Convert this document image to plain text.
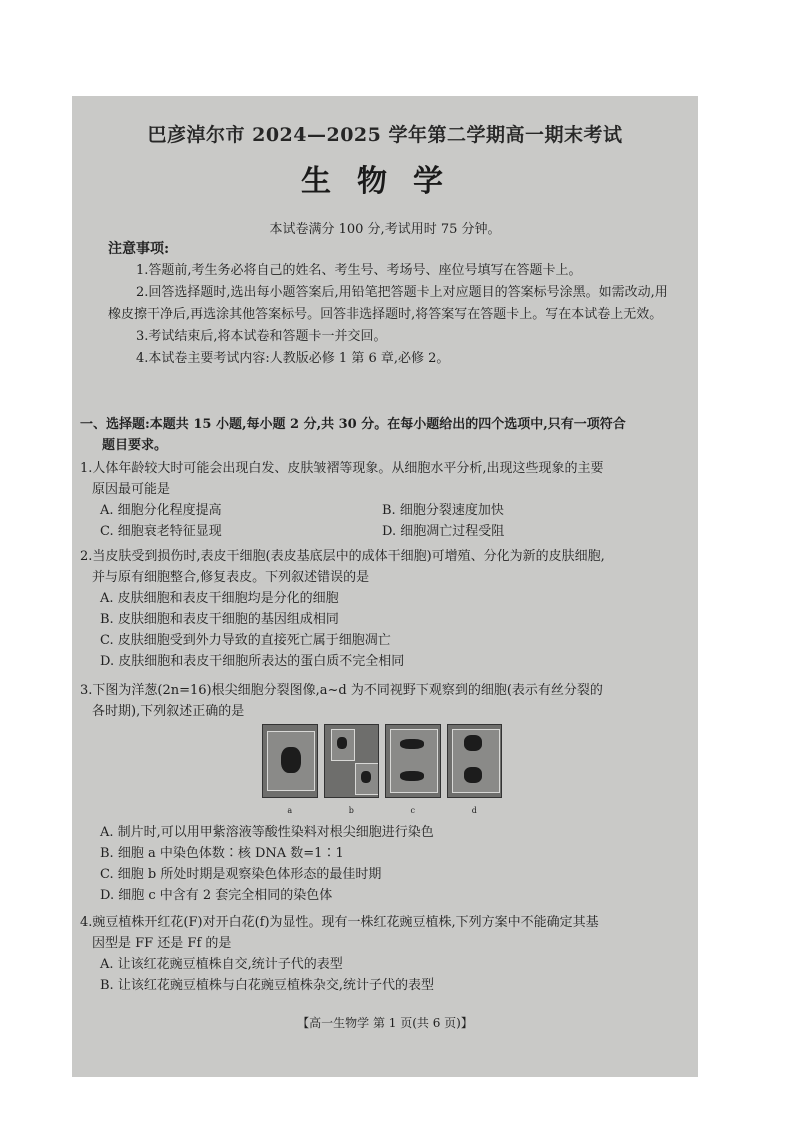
巴彦淖尔市 2024—2025 学年第二学期高一期末考试
生物学
本试卷满分 100 分,考试用时 75 分钟。
注意事项:

1.答题前,考生务必将自己的姓名、考生号、考场号、座位号填写在答题卡上。

2.回答选择题时,选出每小题答案后,用铅笔把答题卡上对应题目的答案标号涂黑。如需改动,用橡皮擦干净后,再选涂其他答案标号。回答非选择题时,将答案写在答题卡上。写在本试卷上无效。

3.考试结束后,将本试卷和答题卡一并交回。

4.本试卷主要考试内容:人教版必修 1 第 6 章,必修 2。

一、选择题:本题共 15 小题,每小题 2 分,共 30 分。在每小题给出的四个选项中,只有一项符合
题目要求。
1.人体年龄较大时可能会出现白发、皮肤皱褶等现象。从细胞水平分析,出现这些现象的主要
原因最可能是
A. 细胞分化程度提高	B. 细胞分裂速度加快
C. 细胞衰老特征显现	D. 细胞凋亡过程受阻
2.当皮肤受到损伤时,表皮干细胞(表皮基底层中的成体干细胞)可增殖、分化为新的皮肤细胞,
并与原有细胞整合,修复表皮。下列叙述错误的是
A. 皮肤细胞和表皮干细胞均是分化的细胞
B. 皮肤细胞和表皮干细胞的基因组成相同
C. 皮肤细胞受到外力导致的直接死亡属于细胞凋亡
D. 皮肤细胞和表皮干细胞所表达的蛋白质不完全相同
3.下图为洋葱(2n=16)根尖细胞分裂图像,a~d 为不同视野下观察到的细胞(表示有丝分裂的
各时期),下列叙述正确的是
a	b	c	d
A. 制片时,可以用甲紫溶液等酸性染料对根尖细胞进行染色
B. 细胞 a 中染色体数∶核 DNA 数=1∶1
C. 细胞 b 所处时期是观察染色体形态的最佳时期
D. 细胞 c 中含有 2 套完全相同的染色体
4.豌豆植株开红花(F)对开白花(f)为显性。现有一株红花豌豆植株,下列方案中不能确定其基
因型是 FF 还是 Ff 的是
A. 让该红花豌豆植株自交,统计子代的表型
B. 让该红花豌豆植株与白花豌豆植株杂交,统计子代的表型
【高一生物学 第 1 页(共 6 页)】
